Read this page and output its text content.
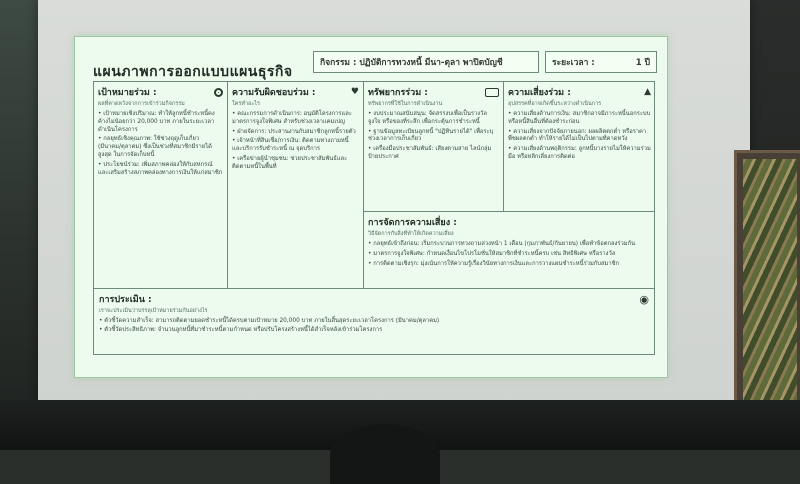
แผนภาพการออกแบบแผนธุรกิจ
กิจกรรม :
ปฏิบัติการทวงหนี้ มีนา-ตุลา พาปิดบัญชี	ระยะเวลา :	1 ปี
เป้าหมายร่วม :
ผลที่คาดหวังจากการเข้าร่วมกิจกรรม
• เป้าหมายเชิงปริมาณ: ทำให้ลูกหนี้ชำระหนี้คงค้างไม่น้อยกว่า 20,000 บาท ภายในระยะเวลาดำเนินโครงการ
• กลยุทธ์เชิงคุณภาพ: ใช้ช่วงฤดูเก็บเกี่ยว (มีนาคม/ตุลาคม) ซึ่งเป็นช่วงที่สมาชิกมีรายได้สูงสุด ในการจัดเก็บหนี้
• ประโยชน์ร่วม: เพิ่มสภาพคล่องให้กับสหกรณ์ และเสริมสร้างสภาพคล่องทางการเงินให้แก่สมาชิก
ความรับผิดชอบร่วม :	♥
ใครทำอะไร
• คณะกรรมการดำเนินการ: อนุมัติโครงการและมาตรการจูงใจพิเศษ สำหรับช่วงเวลาแคมเปญ
• ฝ่ายจัดการ: ประสานงานกับสมาชิกลูกหนี้รายตัว
• เจ้าหน้าที่สินเชื่อ/การเงิน: ติดตามทวงถามหนี้ และบริการรับชำระหนี้ ณ จุดบริการ
• เครือข่ายผู้นำชุมชน: ช่วยประชาสัมพันธ์และติดตามหนี้ในพื้นที่
ทรัพยากรร่วม :
ทรัพยากรที่ใช้ในการดำเนินงาน
• งบประมาณสนับสนุน: จัดสรรงบเพื่อเป็นรางวัลจูงใจ หรือของที่ระลึก เพื่อกระตุ้นการชำระหนี้
• ฐานข้อมูลทะเบียนลูกหนี้ "ปฏิทินรายได้" เพื่อระบุช่วงเวลาการเก็บเกี่ยว
• เครื่องมือประชาสัมพันธ์: เสียงตามสาย ไลน์กลุ่ม ป้ายประกาศ
ความเสี่ยงร่วม :	▲
อุปสรรคที่อาจเกิดขึ้นระหว่างดำเนินการ
• ความเสี่ยงด้านการเงิน: สมาชิกอาจมีภาระหนี้นอกระบบ หรือหนี้สินอื่นที่ต้องชำระก่อน
• ความเสี่ยงจากปัจจัยภายนอก: ผลผลิตตกต่ำ หรือราคาพืชผลตกต่ำ ทำให้รายได้ไม่เป็นไปตามที่คาดหวัง
• ความเสี่ยงด้านพฤติกรรม: ลูกหนี้บางรายไม่ให้ความร่วมมือ หรือหลีกเลี่ยงการติดต่อ
การจัดการความเสี่ยง :
วิธีจัดการกับสิ่งที่ทำให้เกิดความเสี่ยง
• กลยุทธ์เข้าถึงก่อน: เริ่มกระบวนการทวงถามล่วงหน้า 1 เดือน (กุมภาพันธ์/กันยายน) เพื่อทำข้อตกลงร่วมกัน
• มาตรการจูงใจพิเศษ: กำหนดเงื่อนไขโปรโมชั่นให้สมาชิกที่ชำระหนี้ครบ เช่น สิทธิพิเศษ หรือรางวัล
• การติดตามเชิงรุก: มุ่งเน้นการให้ความรู้เรื่องวินัยทางการเงินและการวางแผนชำระหนี้ร่วมกับสมาชิก
การประเมิน :	◉
เราจะประเมินว่าบรรลุเป้าหมายร่วมกันอย่างไร
• ตัวชี้วัดความสำเร็จ: สามารถติดตามยอดชำระหนี้ได้ครบตามเป้าหมาย 20,000 บาท ภายในสิ้นสุดระยะเวลาโครงการ (มีนาคม/ตุลาคม)
• ตัวชี้วัดประสิทธิภาพ: จำนวนลูกหนี้ที่มาชำระหนี้ตามกำหนด หรือปรับโครงสร้างหนี้ได้สำเร็จหลังเข้าร่วมโครงการ
